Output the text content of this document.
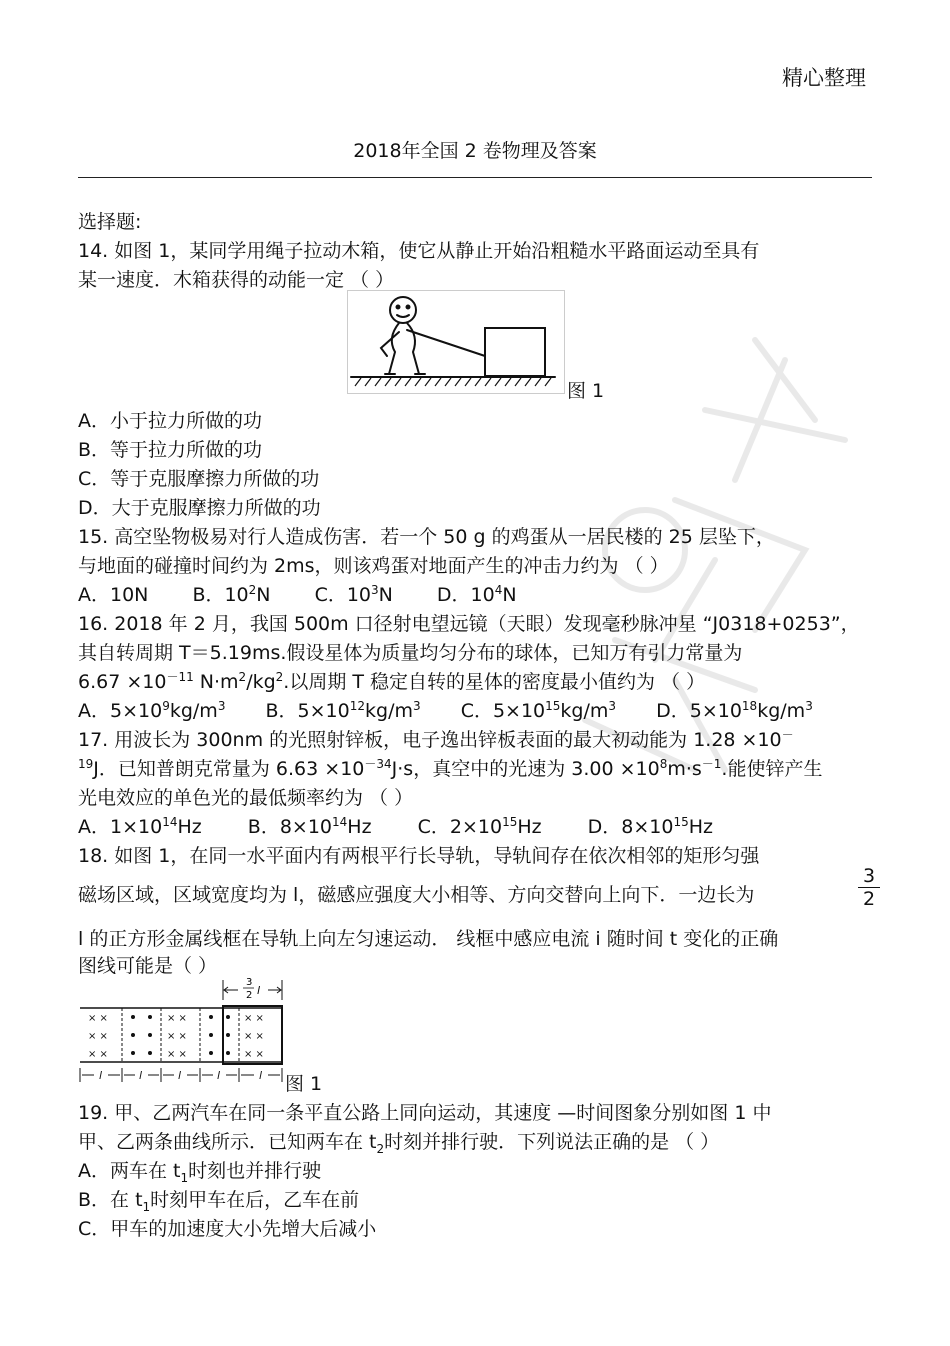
精心整理
2018年全国 2 卷物理及答案
选择题:
14. 如图 1，某同学用绳子拉动木箱，使它从静止开始沿粗糙水平路面运动至具有
某一速度．木箱获得的动能一定 （ ）
图 1
A．小于拉力所做的功
B．等于拉力所做的功
C．等于克服摩擦力所做的功
D．大于克服摩擦力所做的功
15. 高空坠物极易对行人造成伤害．若一个 50 g 的鸡蛋从一居民楼的 25 层坠下，
与地面的碰撞时间约为 2ms，则该鸡蛋对地面产生的冲击力约为 （ ）
A．10N B．$10^2N$ C．$10^3N$ D．$10^4N$
16. 2018 年 2 月，我国 500m 口径射电望远镜（天眼）发现毫秒脉冲星 “J0318+0253”，
其自转周期 T＝5.19ms.假设星体为质量均匀分布的球体，已知万有引力常量为
$6.67 \times 10^{-11}$ $N\cdot m^2/kg^2$.以周期 T 稳定自转的星体的密度最小值约为 （ ）
A．$5\times 10^9kg/m^3$ B．$5\times 10^{12}kg/m^3$ C．$5\times 10^{15}kg/m^3$ D．$5\times 10^{18}kg/m^3$
17. 用波长为 300nm 的光照射锌板，电子逸出锌板表面的最大初动能为 1.28 ×10－
$^{19}$J．已知普朗克常量为 $6.63 \times 10^{-34}J\cdot s$，真空中的光速为 $3.00 \times 10^8m\cdot s^{-1}$.能使锌产生
光电效应的单色光的最低频率约为 （ ）
A．$1\times 10^{14}Hz$ B．$8\times 10^{14}Hz$ C．$2\times 10^{15}Hz$ D．$8\times 10^{15}Hz$
18. 如图 1，在同一水平面内有两根平行长导轨，导轨间存在依次相邻的矩形匀强
磁场区域，区域宽度均为 l，磁感应强度大小相等、方向交替向上向下．一边长为
3
2
l 的正方形金属线框在导轨上向左匀速运动． 线框中感应电流 i 随时间 t 变化的正确
图线可能是（ ）
3
2 l
× ×
× ×
× ×
× ×
× ×
× ×
× ×
× ×
× ×
l	l	l	l	l 图 1
19. 甲、乙两汽车在同一条平直公路上同向运动，其速度 —时间图象分别如图 1 中
甲、乙两条曲线所示．已知两车在 $t_2$时刻并排行驶．下列说法正确的是 （ ）
A．两车在 $t_1$时刻也并排行驶
B．在 $t_1$时刻甲车在后，乙车在前
C．甲车的加速度大小先增大后减小
